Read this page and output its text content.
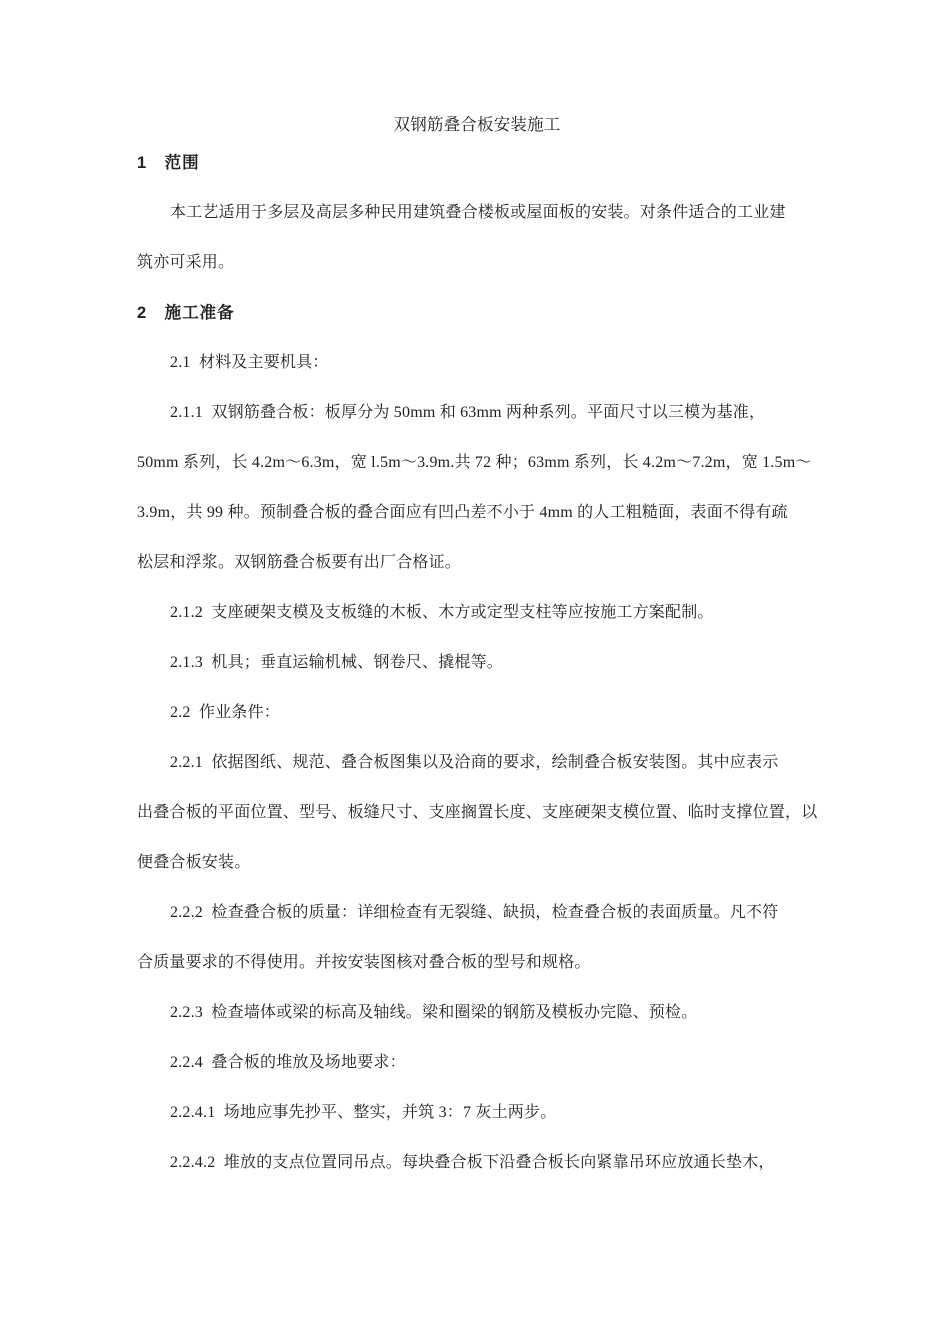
双钢筋叠合板安装施工
1　范围
本工艺适用于多层及高层多种民用建筑叠合楼板或屋面板的安装。对条件适合的工业建
筑亦可采用。
2　施工准备
2.1  材料及主要机具：
2.1.1  双钢筋叠合板：板厚分为 50mm 和 63mm 两种系列。平面尺寸以三模为基准，
50mm 系列，长 4.2m～6.3m，宽 l.5m～3.9m.共 72 种；63mm 系列，长 4.2m～7.2m，宽 1.5m～
3.9m，共 99 种。预制叠合板的叠合面应有凹凸差不小于 4mm 的人工粗糙面，表面不得有疏
松层和浮浆。双钢筋叠合板要有出厂合格证。
2.1.2  支座硬架支模及支板缝的木板、木方或定型支柱等应按施工方案配制。
2.1.3  机具；垂直运输机械、钢卷尺、撬棍等。
2.2  作业条件：
2.2.1  依据图纸、规范、叠合板图集以及洽商的要求，绘制叠合板安装图。其中应表示
出叠合板的平面位置、型号、板缝尺寸、支座搁置长度、支座硬架支模位置、临时支撑位置，以
便叠合板安装。
2.2.2  检查叠合板的质量：详细检查有无裂缝、缺损，检查叠合板的表面质量。凡不符
合质量要求的不得使用。并按安装图核对叠合板的型号和规格。
2.2.3  检查墙体或梁的标高及轴线。梁和圈梁的钢筋及模板办完隐、预检。
2.2.4  叠合板的堆放及场地要求：
2.2.4.1  场地应事先抄平、整实，并筑 3：7 灰土两步。
2.2.4.2  堆放的支点位置同吊点。每块叠合板下沿叠合板长向紧靠吊环应放通长垫木，
